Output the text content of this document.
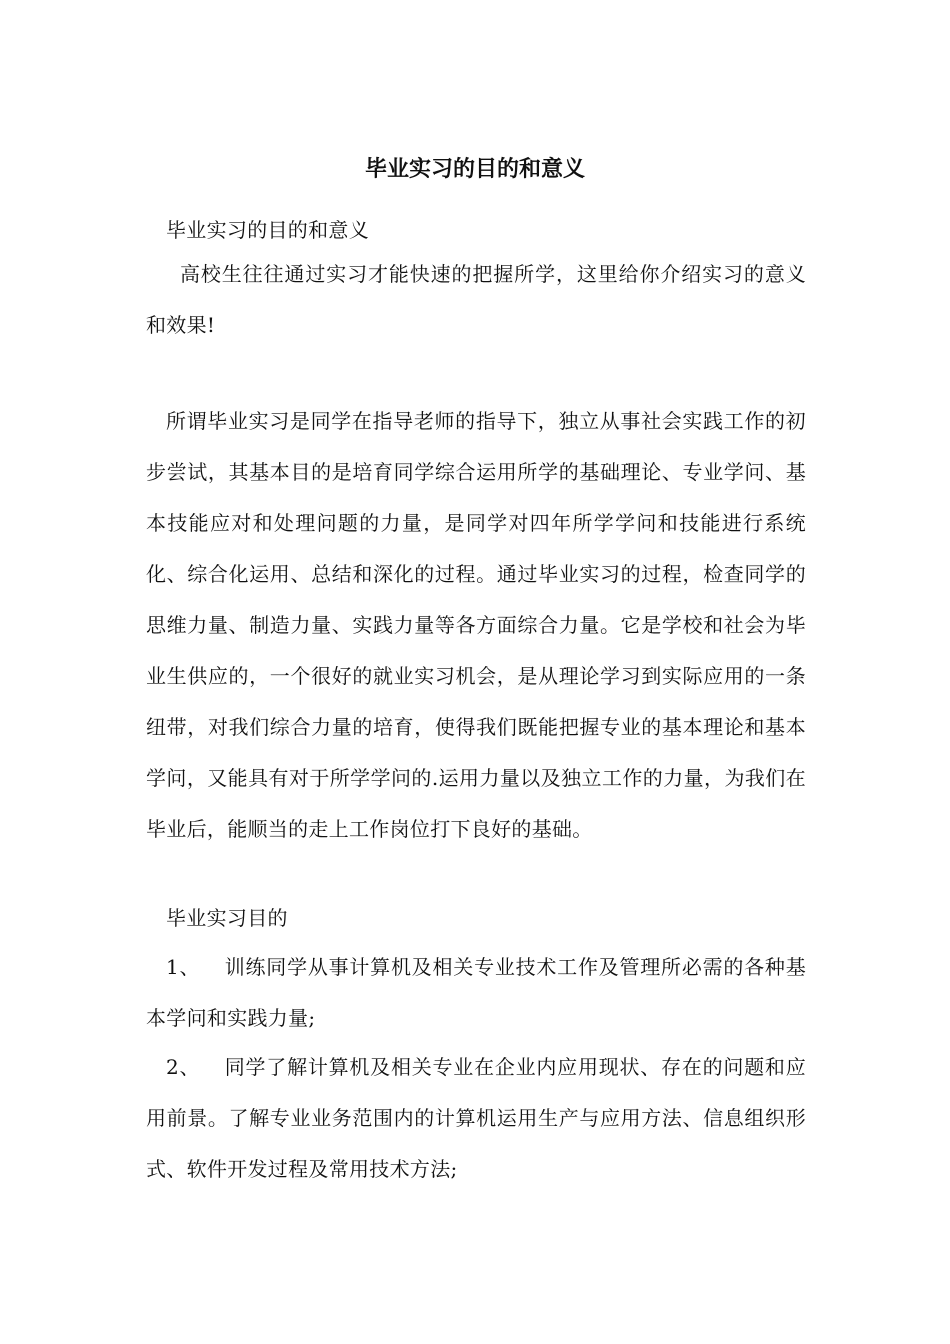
毕业实习的目的和意义

毕业实习的目的和意义

高校生往往通过实习才能快速的把握所学，这里给你介绍实习的意义和效果!

所谓毕业实习是同学在指导老师的指导下，独立从事社会实践工作的初步尝试，其基本目的是培育同学综合运用所学的基础理论、专业学问、基本技能应对和处理问题的力量，是同学对四年所学学问和技能进行系统化、综合化运用、总结和深化的过程。通过毕业实习的过程，检查同学的思维力量、制造力量、实践力量等各方面综合力量。它是学校和社会为毕业生供应的，一个很好的就业实习机会，是从理论学习到实际应用的一条纽带，对我们综合力量的培育，使得我们既能把握专业的基本理论和基本学问，又能具有对于所学学问的.运用力量以及独立工作的力量，为我们在毕业后，能顺当的走上工作岗位打下良好的基础。

毕业实习目的

1、 训练同学从事计算机及相关专业技术工作及管理所必需的各种基本学问和实践力量;

2、 同学了解计算机及相关专业在企业内应用现状、存在的问题和应用前景。了解专业业务范围内的计算机运用生产与应用方法、信息组织形式、软件开发过程及常用技术方法;
